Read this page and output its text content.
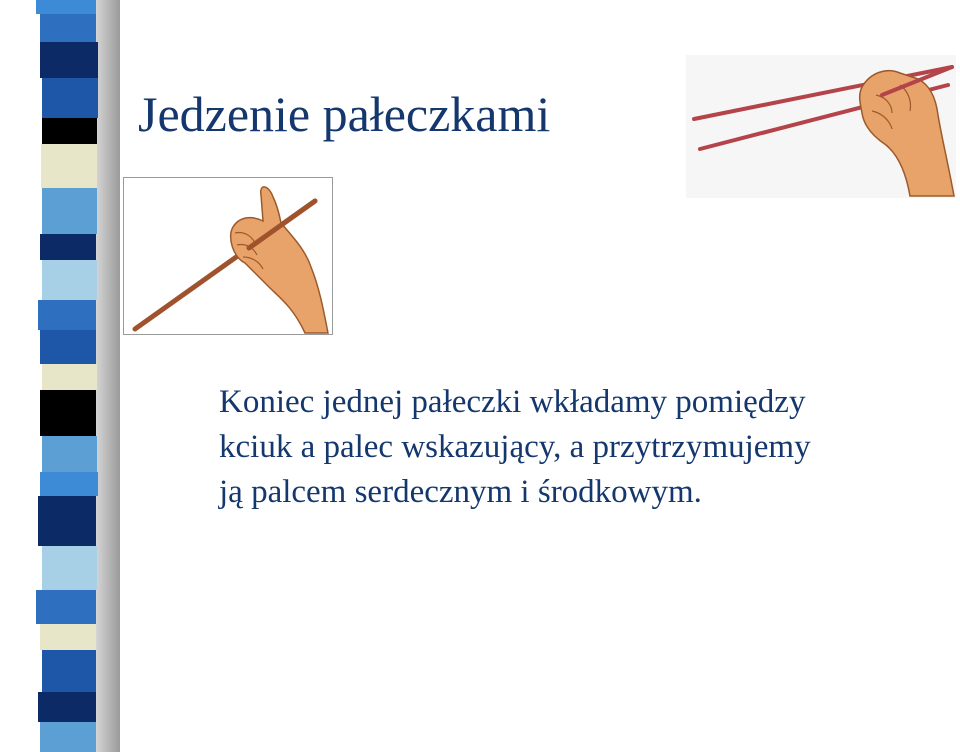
Jedzenie pałeczkami

Koniec jednej pałeczki wkładamy pomiędzy
kciuk a palec wskazujący, a przytrzymujemy
ją palcem serdecznym i środkowym.
